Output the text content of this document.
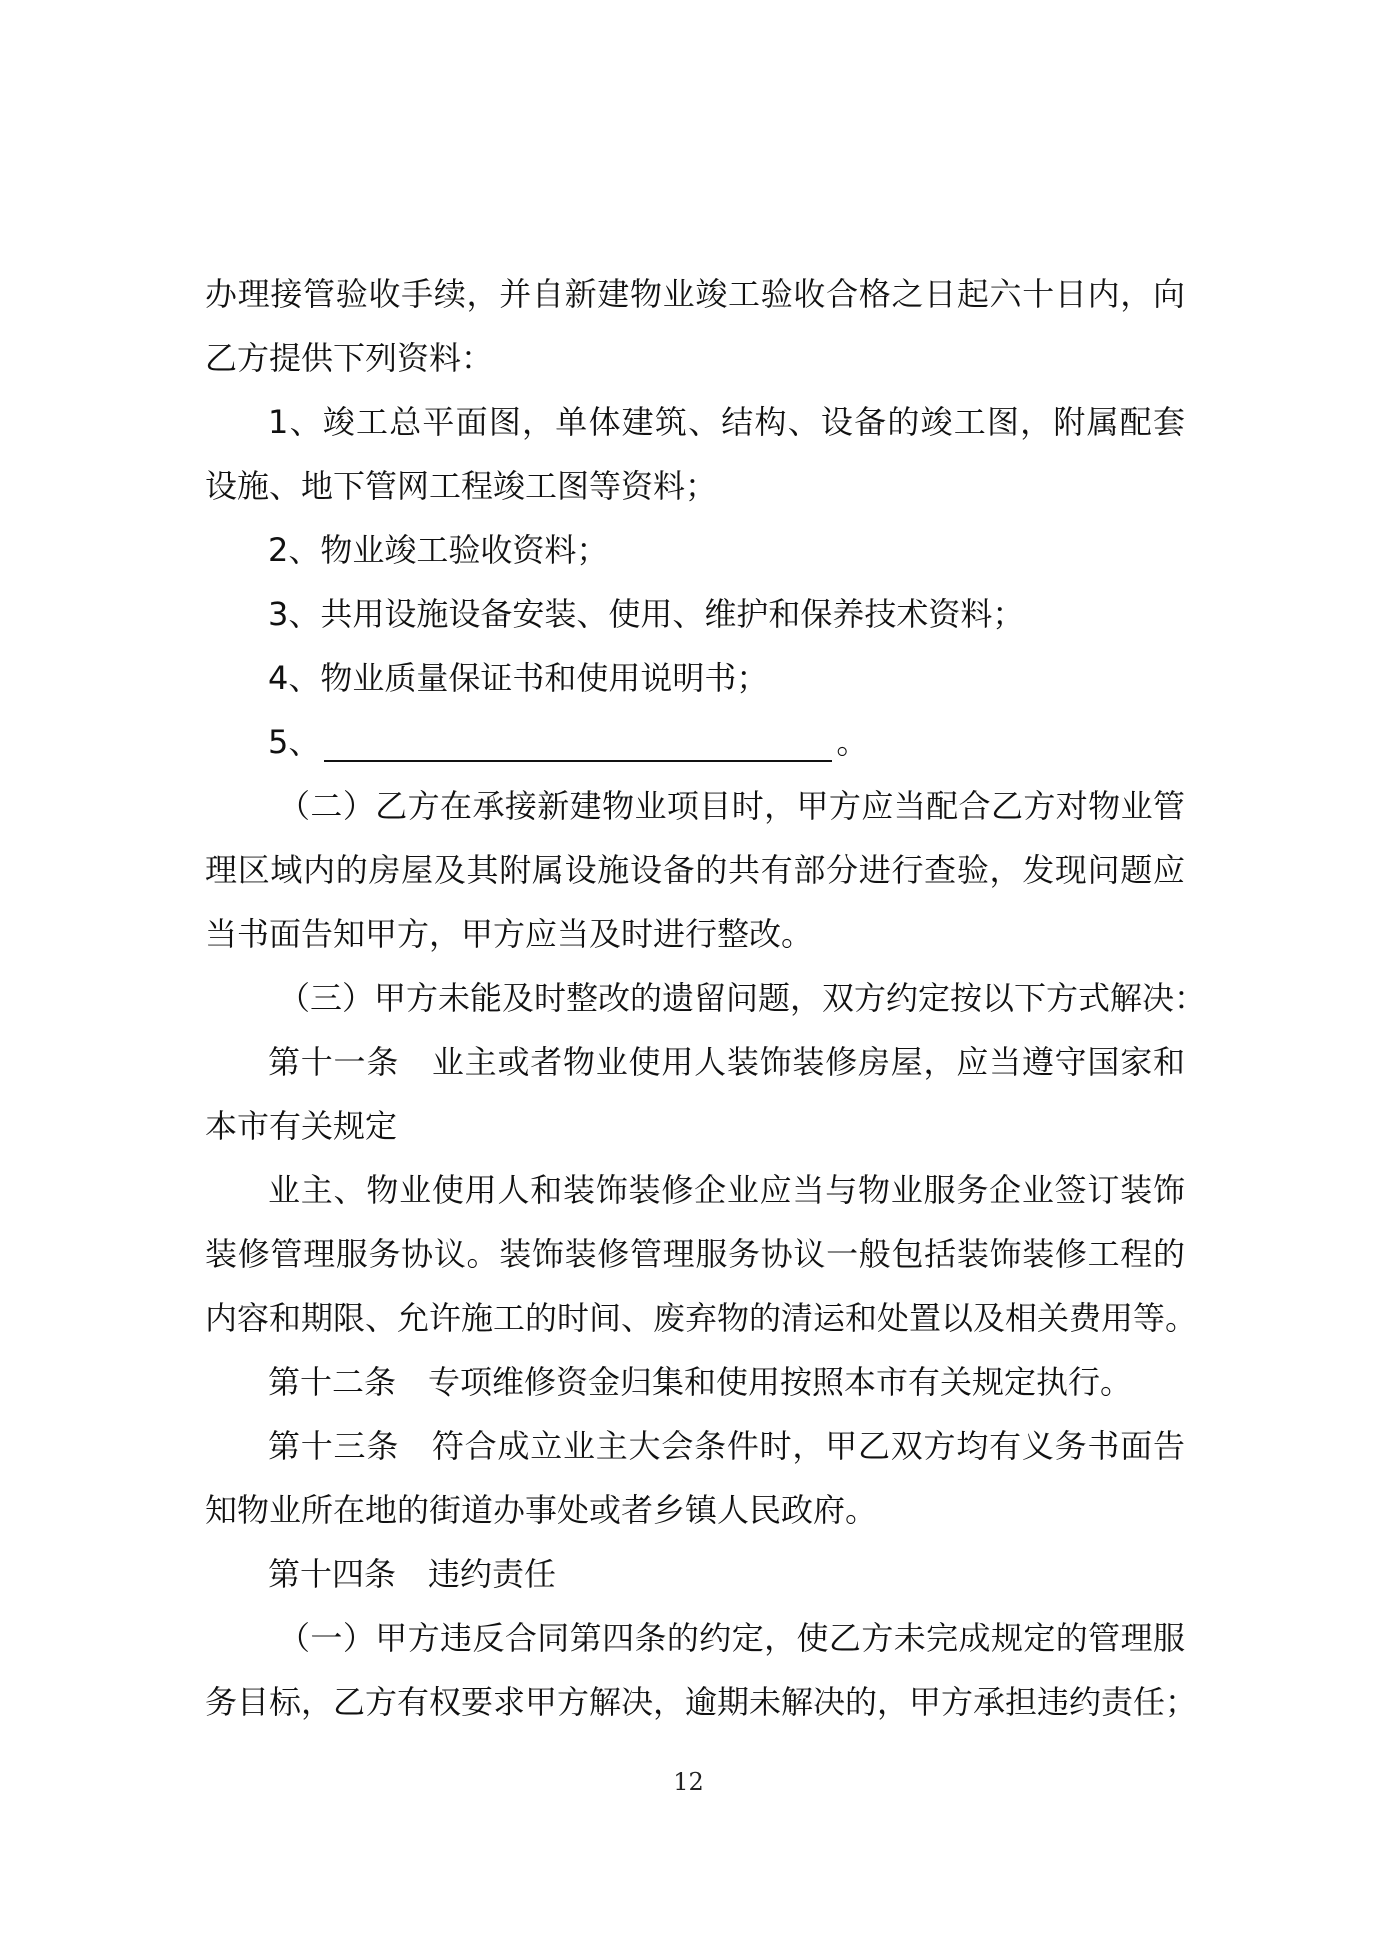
办理接管验收手续，并自新建物业竣工验收合格之日起六十日内，向
乙方提供下列资料：
1、竣工总平面图，单体建筑、结构、设备的竣工图，附属配套
设施、地下管网工程竣工图等资料；
2、物业竣工验收资料；
3、共用设施设备安装、使用、维护和保养技术资料；
4、物业质量保证书和使用说明书；
5、	。
（二）乙方在承接新建物业项目时，甲方应当配合乙方对物业管
理区域内的房屋及其附属设施设备的共有部分进行查验，发现问题应
当书面告知甲方，甲方应当及时进行整改。
（三）甲方未能及时整改的遗留问题，双方约定按以下方式解决：
第十一条　业主或者物业使用人装饰装修房屋，应当遵守国家和
本市有关规定
业主、物业使用人和装饰装修企业应当与物业服务企业签订装饰
装修管理服务协议。装饰装修管理服务协议一般包括装饰装修工程的
内容和期限、允许施工的时间、废弃物的清运和处置以及相关费用等。
第十二条　专项维修资金归集和使用按照本市有关规定执行。
第十三条　符合成立业主大会条件时，甲乙双方均有义务书面告
知物业所在地的街道办事处或者乡镇人民政府。
第十四条　违约责任
（一）甲方违反合同第四条的约定，使乙方未完成规定的管理服
务目标，乙方有权要求甲方解决，逾期未解决的，甲方承担违约责任；
12
